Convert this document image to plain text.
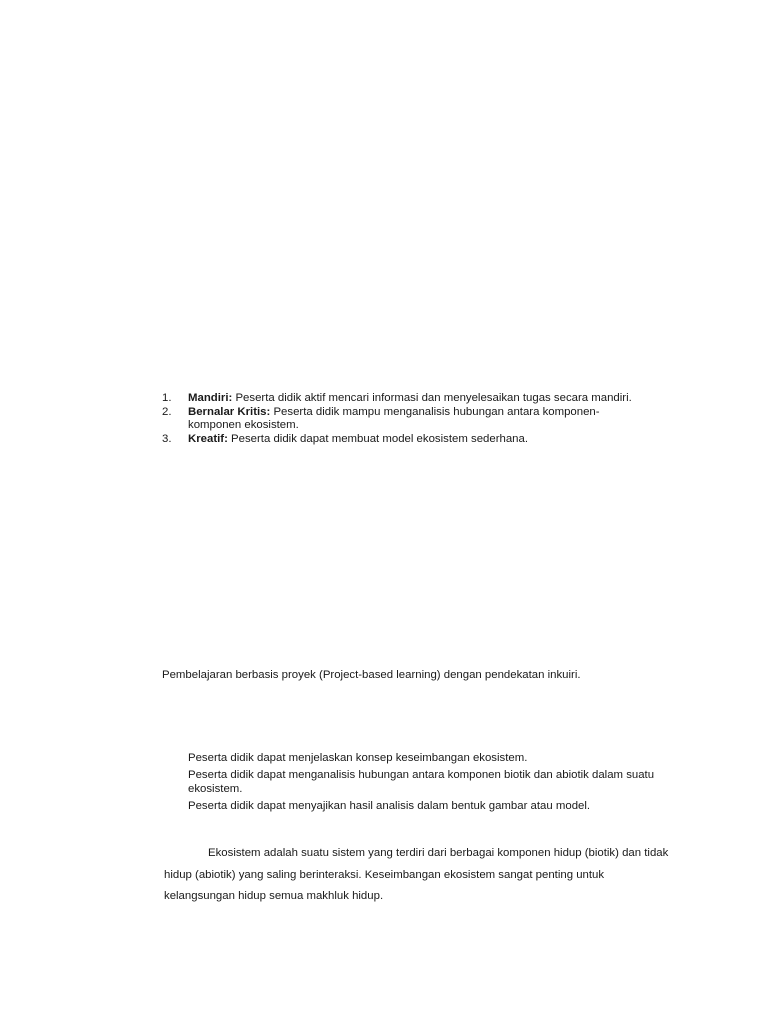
1. Mandiri: Peserta didik aktif mencari informasi dan menyelesaikan tugas secara mandiri.
2. Bernalar Kritis: Peserta didik mampu menganalisis hubungan antara komponen-komponen ekosistem.
3. Kreatif: Peserta didik dapat membuat model ekosistem sederhana.

Pembelajaran berbasis proyek (Project-based learning) dengan pendekatan inkuiri.

Peserta didik dapat menjelaskan konsep keseimbangan ekosistem.
Peserta didik dapat menganalisis hubungan antara komponen biotik dan abiotik dalam suatu ekosistem.
Peserta didik dapat menyajikan hasil analisis dalam bentuk gambar atau model.

Ekosistem adalah suatu sistem yang terdiri dari berbagai komponen hidup (biotik) dan tidak hidup (abiotik) yang saling berinteraksi. Keseimbangan ekosistem sangat penting untuk kelangsungan hidup semua makhluk hidup.
